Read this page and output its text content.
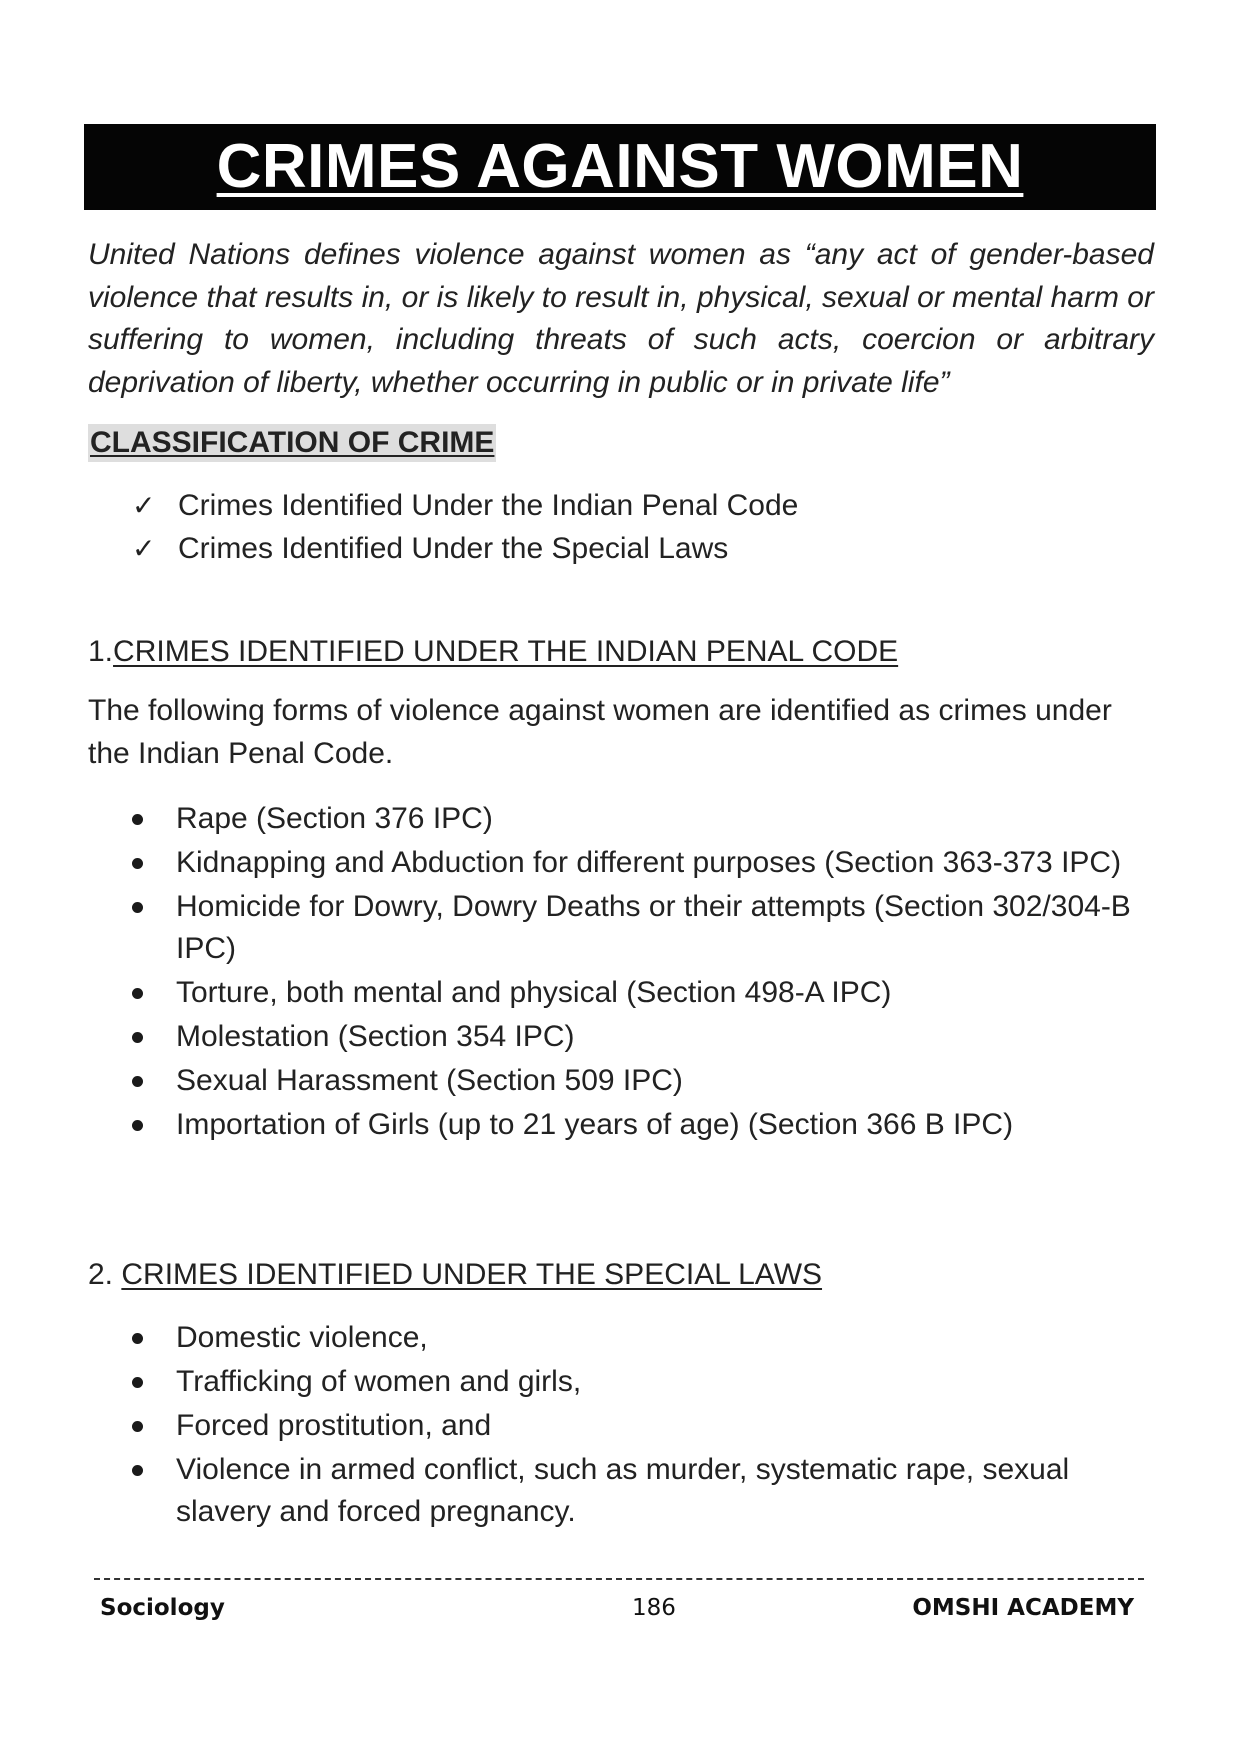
CRIMES AGAINST WOMEN

United Nations defines violence against women as “any act of gender-based violence that results in, or is likely to result in, physical, sexual or mental harm or suffering to women, including threats of such acts, coercion or arbitrary deprivation of liberty, whether occurring in public or in private life”

CLASSIFICATION OF CRIME
✓ Crimes Identified Under the Indian Penal Code
✓ Crimes Identified Under the Special Laws
1.CRIMES IDENTIFIED UNDER THE INDIAN PENAL CODE

The following forms of violence against women are identified as crimes under the Indian Penal Code.

Rape (Section 376 IPC)
Kidnapping and Abduction for different purposes (Section 363-373 IPC)
Homicide for Dowry, Dowry Deaths or their attempts (Section 302/304-B IPC)
Torture, both mental and physical (Section 498-A IPC)
Molestation (Section 354 IPC)
Sexual Harassment (Section 509 IPC)
Importation of Girls (up to 21 years of age) (Section 366 B IPC)
2. CRIMES IDENTIFIED UNDER THE SPECIAL LAWS
Domestic violence,
Trafficking of women and girls,
Forced prostitution, and
Violence in armed conflict, such as murder, systematic rape, sexual slavery and forced pregnancy.
Sociology	186	OMSHI ACADEMY
